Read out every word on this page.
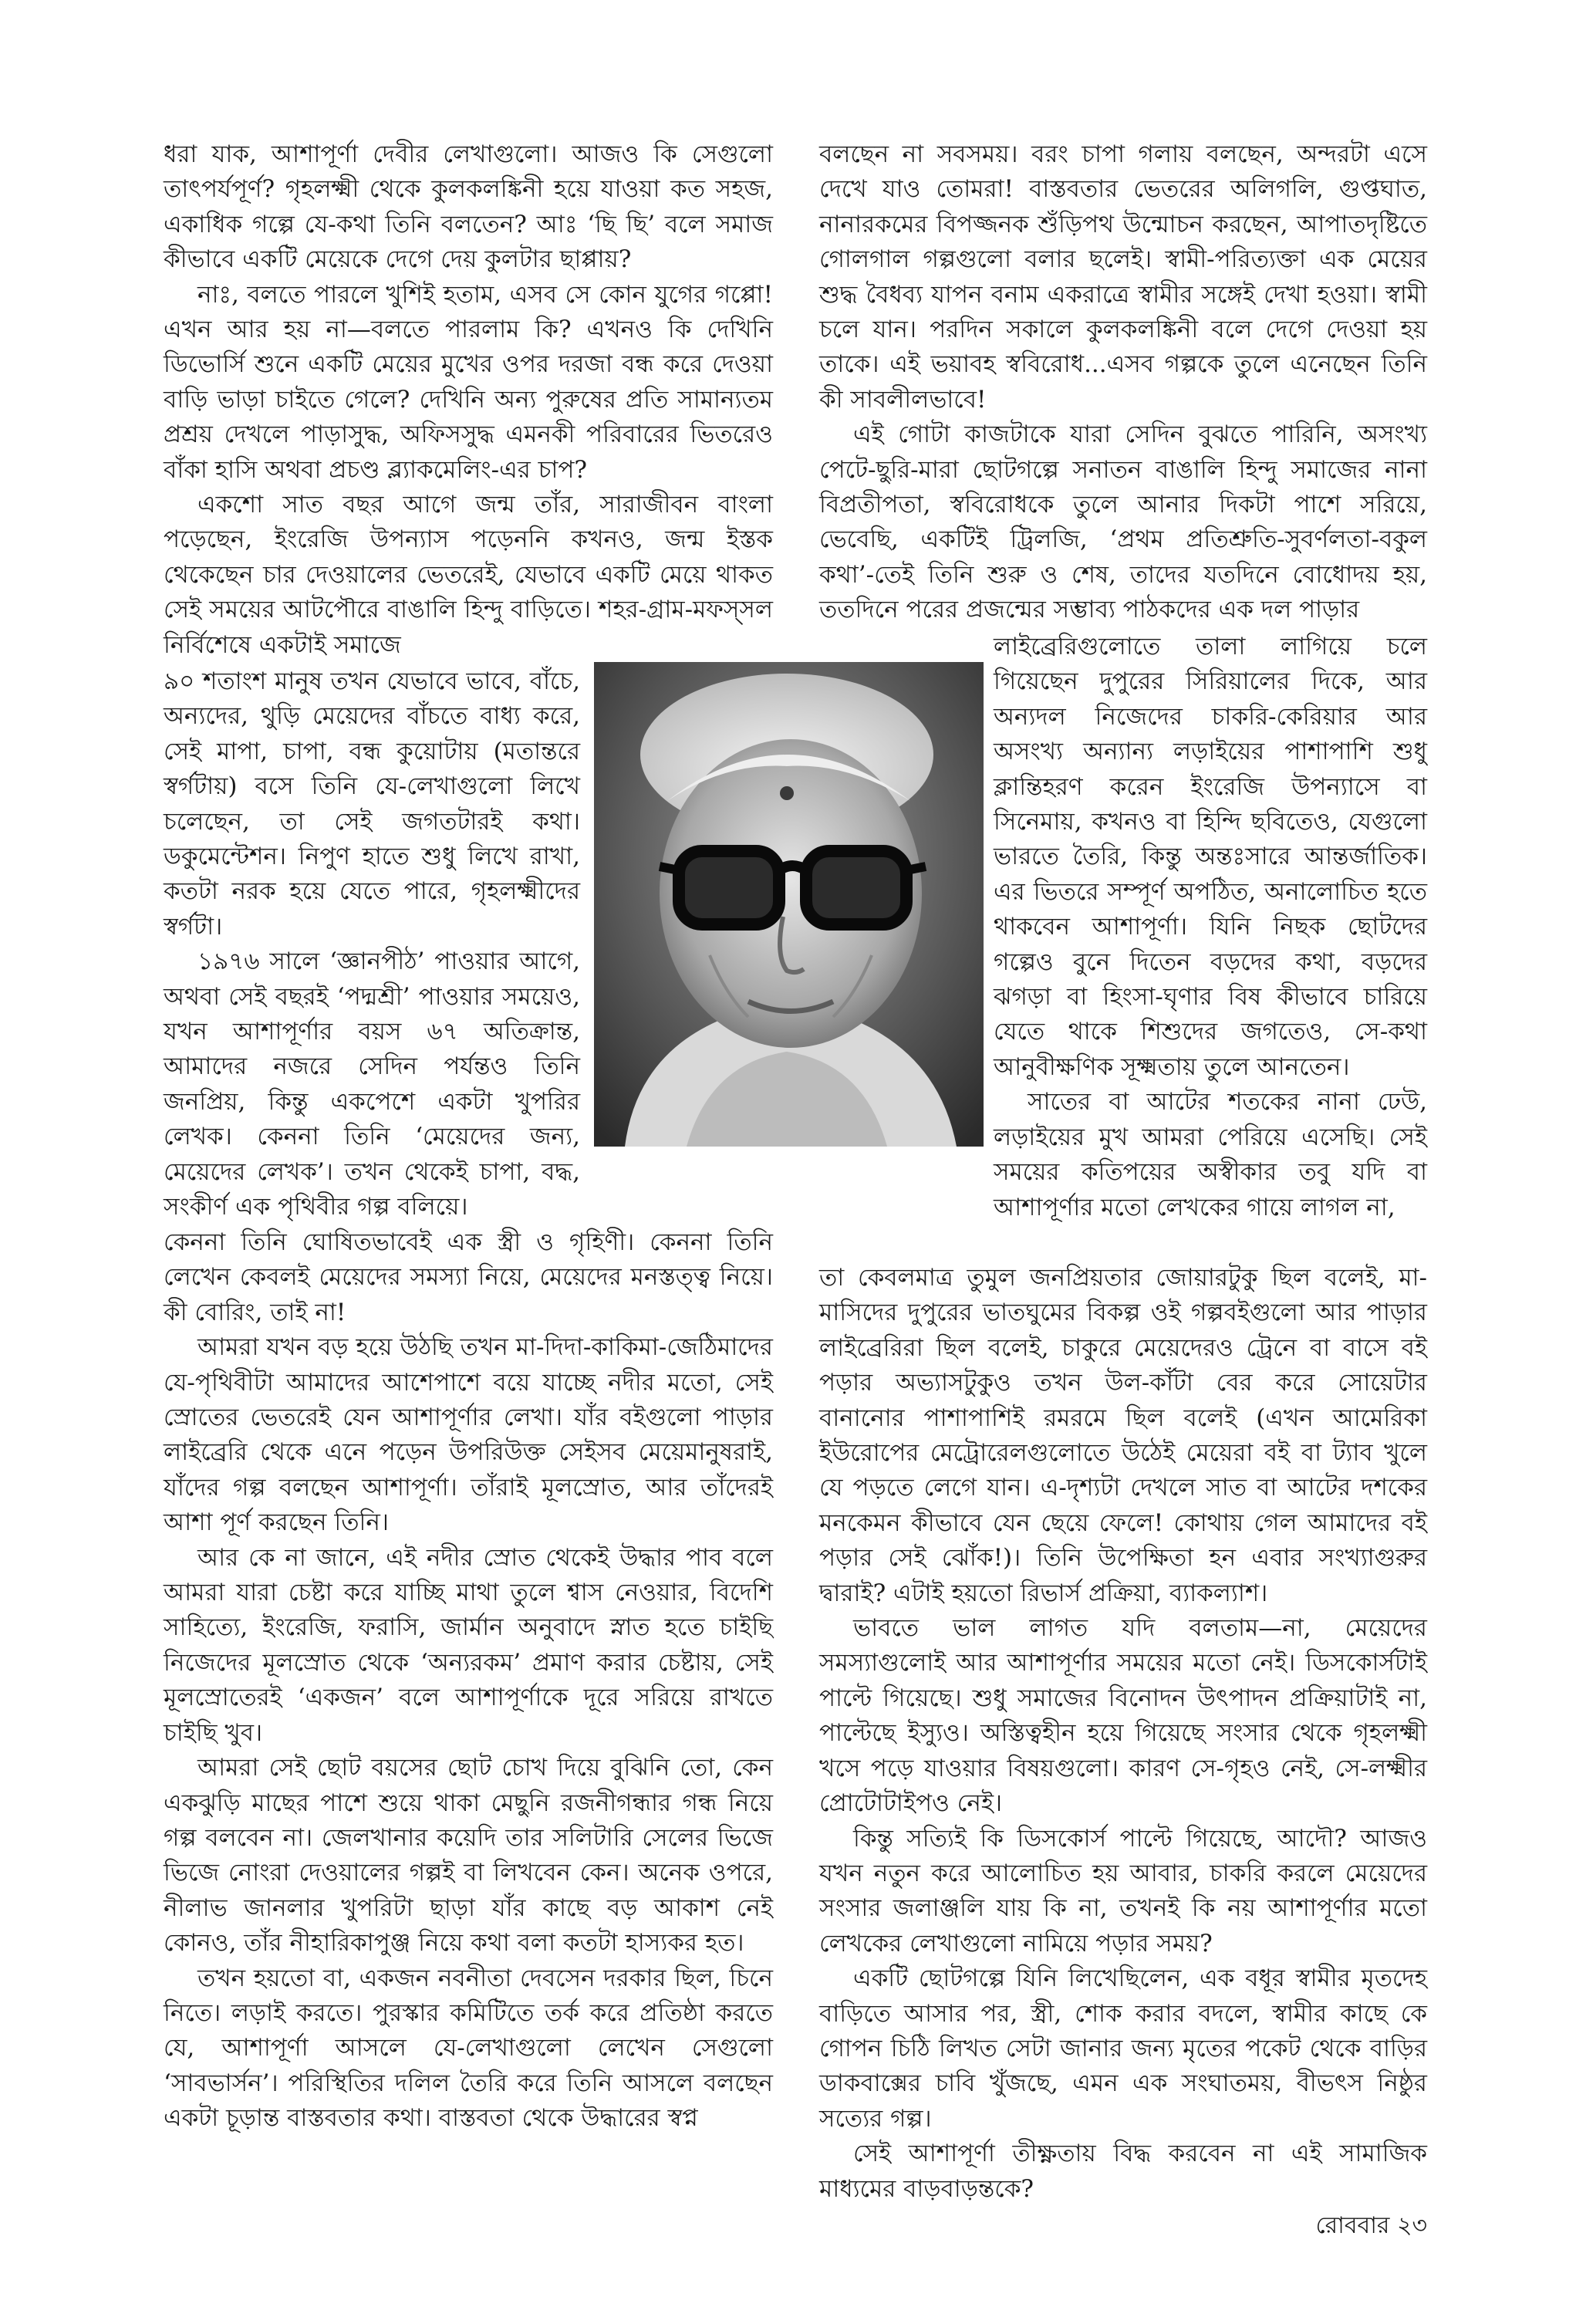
ধরা যাক, আশাপূর্ণা দেবীর লেখাগুলো। আজও কি সেগুলো তাৎপর্যপূর্ণ? গৃহলক্ষ্মী থেকে কুলকলঙ্কিনী হয়ে যাওয়া কত সহজ, একাধিক গল্পে যে-কথা তিনি বলতেন? আঃ ‘ছি ছি’ বলে সমাজ কীভাবে একটি মেয়েকে দেগে দেয় কুলটার ছাপ্পায়?

নাঃ, বলতে পারলে খুশিই হতাম, এসব সে কোন যুগের গপ্পো! এখন আর হয় না—বলতে পারলাম কি? এখনও কি দেখিনি ডিভোর্সি শুনে একটি মেয়ের মুখের ওপর দরজা বন্ধ করে দেওয়া বাড়ি ভাড়া চাইতে গেলে? দেখিনি অন্য পুরুষের প্রতি সামান্যতম প্রশ্রয় দেখলে পাড়াসুদ্ধ, অফিসসুদ্ধ এমনকী পরিবারের ভিতরেও বাঁকা হাসি অথবা প্রচণ্ড ব্ল্যাকমেলিং-এর চাপ?

একশো সাত বছর আগে জন্ম তাঁর, সারাজীবন বাংলা পড়েছেন, ইংরেজি উপন্যাস পড়েননি কখনও, জন্ম ইস্তক থেকেছেন চার দেওয়ালের ভেতরেই, যেভাবে একটি মেয়ে থাকত সেই সময়ের আটপৌরে বাঙালি হিন্দু বাড়িতে। শহর-গ্রাম-মফস্সল নির্বিশেষে একটাই সমাজে

৯০ শতাংশ মানুষ তখন যেভাবে ভাবে, বাঁচে, অন্যদের, থুড়ি মেয়েদের বাঁচতে বাধ্য করে, সেই মাপা, চাপা, বন্ধ কুয়োটায় (মতান্তরে স্বর্গটায়) বসে তিনি যে-লেখাগুলো লিখে চলেছেন, তা সেই জগতটারই কথা। ডকুমেন্টেশন। নিপুণ হাতে শুধু লিখে রাখা, কতটা নরক হয়ে যেতে পারে, গৃহলক্ষ্মীদের স্বর্গটা।

১৯৭৬ সালে ‘জ্ঞানপীঠ’ পাওয়ার আগে, অথবা সেই বছরই ‘পদ্মশ্রী’ পাওয়ার সময়েও, যখন আশাপূর্ণার বয়স ৬৭ অতিক্রান্ত, আমাদের নজরে সেদিন পর্যন্তও তিনি জনপ্রিয়, কিন্তু একপেশে একটা খুপরির লেখক। কেননা তিনি ‘মেয়েদের জন্য, মেয়েদের লেখক’। তখন থেকেই চাপা, বদ্ধ, সংকীর্ণ এক পৃথিবীর গল্প বলিয়ে।

কেননা তিনি ঘোষিতভাবেই এক স্ত্রী ও গৃহিণী। কেননা তিনি লেখেন কেবলই মেয়েদের সমস্যা নিয়ে, মেয়েদের মনস্তত্ত্ব নিয়ে। কী বোরিং, তাই না!

আমরা যখন বড় হয়ে উঠছি তখন মা-দিদা-কাকিমা-জেঠিমাদের যে-পৃথিবীটা আমাদের আশেপাশে বয়ে যাচ্ছে নদীর মতো, সেই স্রোতের ভেতরেই যেন আশাপূর্ণার লেখা। যাঁর বইগুলো পাড়ার লাইব্রেরি থেকে এনে পড়েন উপরিউক্ত সেইসব মেয়েমানুষরাই, যাঁদের গল্প বলছেন আশাপূর্ণা। তাঁরাই মূলস্রোত, আর তাঁদেরই আশা পূর্ণ করছেন তিনি।

আর কে না জানে, এই নদীর স্রোত থেকেই উদ্ধার পাব বলে আমরা যারা চেষ্টা করে যাচ্ছি মাথা তুলে শ্বাস নেওয়ার, বিদেশি সাহিত্যে, ইংরেজি, ফরাসি, জার্মান অনুবাদে স্নাত হতে চাইছি নিজেদের মূলস্রোত থেকে ‘অন্যরকম’ প্রমাণ করার চেষ্টায়, সেই মূলস্রোতেরই ‘একজন’ বলে আশাপূর্ণাকে দূরে সরিয়ে রাখতে চাইছি খুব।

আমরা সেই ছোট বয়সের ছোট চোখ দিয়ে বুঝিনি তো, কেন একঝুড়ি মাছের পাশে শুয়ে থাকা মেছুনি রজনীগন্ধার গন্ধ নিয়ে গল্প বলবেন না। জেলখানার কয়েদি তার সলিটারি সেলের ভিজে ভিজে নোংরা দেওয়ালের গল্পই বা লিখবেন কেন। অনেক ওপরে, নীলাভ জানলার খুপরিটা ছাড়া যাঁর কাছে বড় আকাশ নেই কোনও, তাঁর নীহারিকাপুঞ্জ নিয়ে কথা বলা কতটা হাস্যকর হত।

তখন হয়তো বা, একজন নবনীতা দেবসেন দরকার ছিল, চিনে নিতে। লড়াই করতে। পুরস্কার কমিটিতে তর্ক করে প্রতিষ্ঠা করতে যে, আশাপূর্ণা আসলে যে-লেখাগুলো লেখেন সেগুলো ‘সাবভার্সন’। পরিস্থিতির দলিল তৈরি করে তিনি আসলে বলছেন একটা চূড়ান্ত বাস্তবতার কথা। বাস্তবতা থেকে উদ্ধারের স্বপ্ন

বলছেন না সবসময়। বরং চাপা গলায় বলছেন, অন্দরটা এসে দেখে যাও তোমরা! বাস্তবতার ভেতরের অলিগলি, গুপ্তঘাত, নানারকমের বিপজ্জনক শুঁড়িপথ উন্মোচন করছেন, আপাতদৃষ্টিতে গোলগাল গল্পগুলো বলার ছলেই। স্বামী-পরিত্যক্তা এক মেয়ের শুদ্ধ বৈধব্য যাপন বনাম একরাত্রে স্বামীর সঙ্গেই দেখা হওয়া। স্বামী চলে যান। পরদিন সকালে কুলকলঙ্কিনী বলে দেগে দেওয়া হয় তাকে। এই ভয়াবহ স্ববিরোধ...এসব গল্পকে তুলে এনেছেন তিনি কী সাবলীলভাবে!

এই গোটা কাজটাকে যারা সেদিন বুঝতে পারিনি, অসংখ্য পেটে-ছুরি-মারা ছোটগল্পে সনাতন বাঙালি হিন্দু সমাজের নানা বিপ্রতীপতা, স্ববিরোধকে তুলে আনার দিকটা পাশে সরিয়ে, ভেবেছি, একটিই ট্রিলজি, ‘প্রথম প্রতিশ্রুতি-সুবর্ণলতা-বকুল কথা’-তেই তিনি শুরু ও শেষ, তাদের যতদিনে বোধোদয় হয়, ততদিনে পরের প্রজন্মের সম্ভাব্য পাঠকদের এক দল পাড়ার

লাইব্রেরিগুলোতে তালা লাগিয়ে চলে গিয়েছেন দুপুরের সিরিয়ালের দিকে, আর অন্যদল নিজেদের চাকরি-কেরিয়ার আর অসংখ্য অন্যান্য লড়াইয়ের পাশাপাশি শুধু ক্লান্তিহরণ করেন ইংরেজি উপন্যাসে বা সিনেমায়, কখনও বা হিন্দি ছবিতেও, যেগুলো ভারতে তৈরি, কিন্তু অন্তঃসারে আন্তর্জাতিক। এর ভিতরে সম্পূর্ণ অপঠিত, অনালোচিত হতে থাকবেন আশাপূর্ণা। যিনি নিছক ছোটদের গল্পেও বুনে দিতেন বড়দের কথা, বড়দের ঝগড়া বা হিংসা-ঘৃণার বিষ কীভাবে চারিয়ে যেতে থাকে শিশুদের জগতেও, সে-কথা আনুবীক্ষণিক সূক্ষ্মতায় তুলে আনতেন।

সাতের বা আটের শতকের নানা ঢেউ, লড়াইয়ের মুখ আমরা পেরিয়ে এসেছি। সেই সময়ের কতিপয়ের অস্বীকার তবু যদি বা আশাপূর্ণার মতো লেখকের গায়ে লাগল না,

তা কেবলমাত্র তুমুল জনপ্রিয়তার জোয়ারটুকু ছিল বলেই, মা-মাসিদের দুপুরের ভাতঘুমের বিকল্প ওই গল্পবইগুলো আর পাড়ার লাইব্রেরিরা ছিল বলেই, চাকুরে মেয়েদেরও ট্রেনে বা বাসে বই পড়ার অভ্যাসটুকুও তখন উল-কাঁটা বের করে সোয়েটার বানানোর পাশাপাশিই রমরমে ছিল বলেই (এখন আমেরিকা ইউরোপের মেট্রোরেলগুলোতে উঠেই মেয়েরা বই বা ট্যাব খুলে যে পড়তে লেগে যান। এ-দৃশ্যটা দেখলে সাত বা আটের দশকের মনকেমন কীভাবে যেন ছেয়ে ফেলে! কোথায় গেল আমাদের বই পড়ার সেই ঝোঁক!)। তিনি উপেক্ষিতা হন এবার সংখ্যাগুরুর দ্বারাই? এটাই হয়তো রিভার্স প্রক্রিয়া, ব্যাকল্যাশ।

ভাবতে ভাল লাগত যদি বলতাম—না, মেয়েদের সমস্যাগুলোই আর আশাপূর্ণার সময়ের মতো নেই। ডিসকোর্সটাই পাল্টে গিয়েছে। শুধু সমাজের বিনোদন উৎপাদন প্রক্রিয়াটাই না, পাল্টেছে ইস্যুও। অস্তিত্বহীন হয়ে গিয়েছে সংসার থেকে গৃহলক্ষ্মী খসে পড়ে যাওয়ার বিষয়গুলো। কারণ সে-গৃহও নেই, সে-লক্ষ্মীর প্রোটোটাইপও নেই।

কিন্তু সত্যিই কি ডিসকোর্স পাল্টে গিয়েছে, আদৌ? আজও যখন নতুন করে আলোচিত হয় আবার, চাকরি করলে মেয়েদের সংসার জলাঞ্জলি যায় কি না, তখনই কি নয় আশাপূর্ণার মতো লেখকের লেখাগুলো নামিয়ে পড়ার সময়?

একটি ছোটগল্পে যিনি লিখেছিলেন, এক বধূর স্বামীর মৃতদেহ বাড়িতে আসার পর, স্ত্রী, শোক করার বদলে, স্বামীর কাছে কে গোপন চিঠি লিখত সেটা জানার জন্য মৃতের পকেট থেকে বাড়ির ডাকবাক্সের চাবি খুঁজছে, এমন এক সংঘাতময়, বীভৎস নিষ্ঠুর সত্যের গল্প।

সেই আশাপূর্ণা তীক্ষ্ণতায় বিদ্ধ করবেন না এই সামাজিক মাধ্যমের বাড়বাড়ন্তকে?

রোববার ২৩
